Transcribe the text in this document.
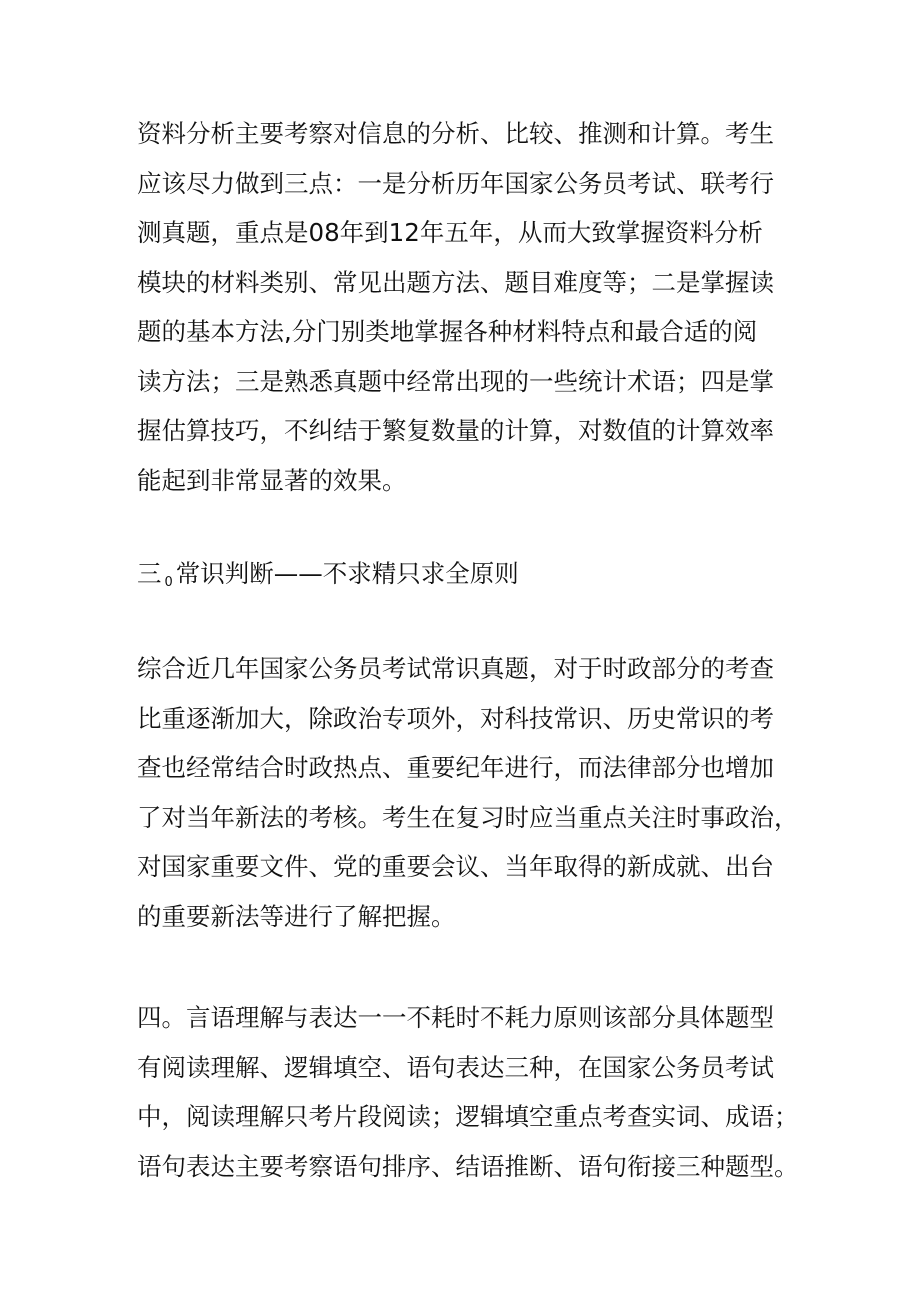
资料分析主要考察对信息的分析、比较、推测和计算。考生
应该尽力做到三点：一是分析历年国家公务员考试、联考行
测真题，重点是08年到12年五年，从而大致掌握资料分析
模块的材料类别、常见出题方法、题目难度等；二是掌握读
题的基本方法,分门别类地掌握各种材料特点和最合适的阅
读方法；三是熟悉真题中经常出现的一些统计术语；四是掌
握估算技巧，不纠结于繁复数量的计算，对数值的计算效率
能起到非常显著的效果。
三 $_0$ 常识判断——不求精只求全原则
综合近几年国家公务员考试常识真题，对于时政部分的考查
比重逐渐加大，除政治专项外，对科技常识、历史常识的考
查也经常结合时政热点、重要纪年进行，而法律部分也增加
了对当年新法的考核。考生在复习时应当重点关注时事政治，
对国家重要文件、党的重要会议、当年取得的新成就、出台
的重要新法等进行了解把握。
四。言语理解与表达一一不耗时不耗力原则该部分具体题型
有阅读理解、逻辑填空、语句表达三种，在国家公务员考试
中，阅读理解只考片段阅读；逻辑填空重点考查实词、成语；
语句表达主要考察语句排序、结语推断、语句衔接三种题型。
